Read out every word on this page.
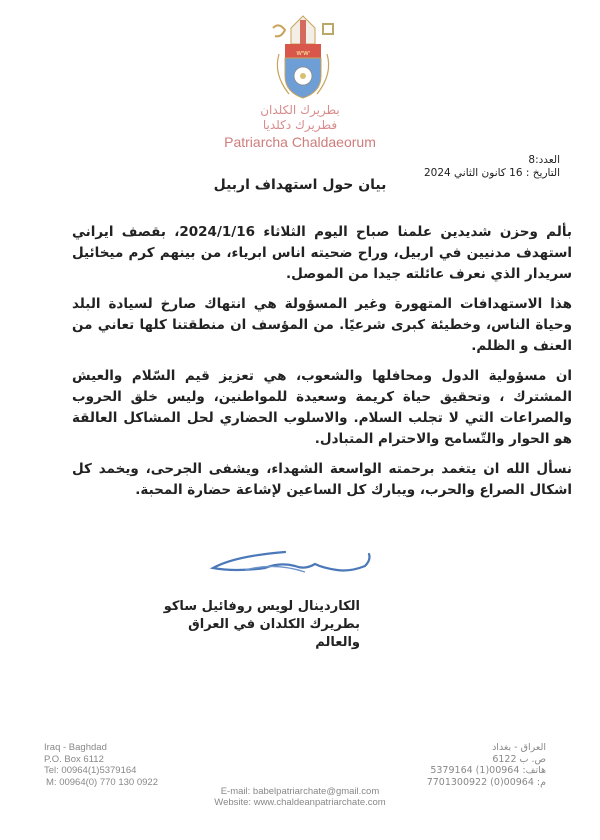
ⱳⱳ
بطريرك الكلدان
فطريرك دكلديا
Patriarcha Chaldaeorum
العدد:8
التاريخ : 16 كانون الثاني 2024
بيان حول استهداف اربيل

بألم وحزن شديدين علمنا صباح اليوم الثلاثاء 2024/1/16، بقصف ايراني استهدف مدنيين في اربيل، وراح ضحيته اناس ابرياء، من بينهم كرم ميخائيل سريدار الذي نعرف عائلته جيدا من الموصل.

هذا الاستهدافات المتهورة وغير المسؤولة هي انتهاك صارخ لسيادة البلد وحياة الناس، وخطيئة كبرى شرعيًا. من المؤسف ان منطقتنا كلها تعاني من العنف و الظلم.

ان مسؤولية الدول ومحافلها والشعوب، هي تعزيز قيم السّلام والعيش المشترك ، وتحقيق حياة كريمة وسعيدة للمواطنين، وليس خلق الحروب والصراعات التي لا تجلب السلام. والاسلوب الحضاري لحل المشاكل العالقة هو الحوار والتّسامح والاحترام المتبادل.

نسأل الله ان يتغمد برحمته الواسعة الشهداء، ويشفى الجرحى، ويخمد كل اشكال الصراع والحرب، ويبارك كل الساعين لإشاعة حضارة المحبة.

الكاردينال لويس روفائيل ساكو
بطريرك الكلدان في العراق والعالم
Iraq - Baghdad
P.O. Box 6112
Tel: 00964(1)5379164
M: 00964(0) 770 130 0922
العراق - بغداد
ص. ب 6122
هاتف: 00964(1) 5379164
م: 00964(0) 7701300922
E-mail: babelpatriarchate@gmail.com
Website: www.chaldeanpatriarchate.com
